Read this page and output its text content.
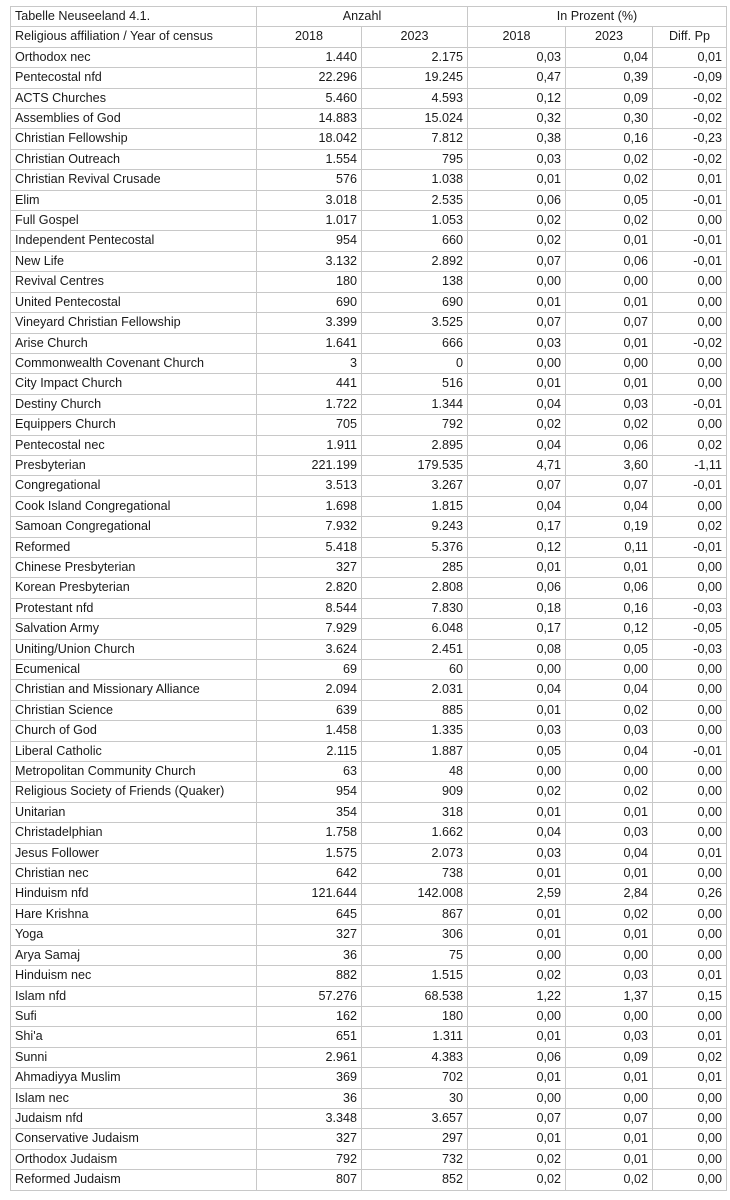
Tabelle Neuseeland 4.1.	Anzahl		In Prozent (%)		
Religious affiliation / Year of census	2018	2023	2018	2023	Diff. Pp
Orthodox nec	1.440	2.175	0,03	0,04	0,01
Pentecostal nfd	22.296	19.245	0,47	0,39	-0,09
ACTS Churches	5.460	4.593	0,12	0,09	-0,02
Assemblies of God	14.883	15.024	0,32	0,30	-0,02
Christian Fellowship	18.042	7.812	0,38	0,16	-0,23
Christian Outreach	1.554	795	0,03	0,02	-0,02
Christian Revival Crusade	576	1.038	0,01	0,02	0,01
Elim	3.018	2.535	0,06	0,05	-0,01
Full Gospel	1.017	1.053	0,02	0,02	0,00
Independent Pentecostal	954	660	0,02	0,01	-0,01
New Life	3.132	2.892	0,07	0,06	-0,01
Revival Centres	180	138	0,00	0,00	0,00
United Pentecostal	690	690	0,01	0,01	0,00
Vineyard Christian Fellowship	3.399	3.525	0,07	0,07	0,00
Arise Church	1.641	666	0,03	0,01	-0,02
Commonwealth Covenant Church	3	0	0,00	0,00	0,00
City Impact Church	441	516	0,01	0,01	0,00
Destiny Church	1.722	1.344	0,04	0,03	-0,01
Equippers Church	705	792	0,02	0,02	0,00
Pentecostal nec	1.911	2.895	0,04	0,06	0,02
Presbyterian	221.199	179.535	4,71	3,60	-1,11
Congregational	3.513	3.267	0,07	0,07	-0,01
Cook Island Congregational	1.698	1.815	0,04	0,04	0,00
Samoan Congregational	7.932	9.243	0,17	0,19	0,02
Reformed	5.418	5.376	0,12	0,11	-0,01
Chinese Presbyterian	327	285	0,01	0,01	0,00
Korean Presbyterian	2.820	2.808	0,06	0,06	0,00
Protestant nfd	8.544	7.830	0,18	0,16	-0,03
Salvation Army	7.929	6.048	0,17	0,12	-0,05
Uniting/Union Church	3.624	2.451	0,08	0,05	-0,03
Ecumenical	69	60	0,00	0,00	0,00
Christian and Missionary Alliance	2.094	2.031	0,04	0,04	0,00
Christian Science	639	885	0,01	0,02	0,00
Church of God	1.458	1.335	0,03	0,03	0,00
Liberal Catholic	2.115	1.887	0,05	0,04	-0,01
Metropolitan Community Church	63	48	0,00	0,00	0,00
Religious Society of Friends (Quaker)	954	909	0,02	0,02	0,00
Unitarian	354	318	0,01	0,01	0,00
Christadelphian	1.758	1.662	0,04	0,03	0,00
Jesus Follower	1.575	2.073	0,03	0,04	0,01
Christian nec	642	738	0,01	0,01	0,00
Hinduism nfd	121.644	142.008	2,59	2,84	0,26
Hare Krishna	645	867	0,01	0,02	0,00
Yoga	327	306	0,01	0,01	0,00
Arya Samaj	36	75	0,00	0,00	0,00
Hinduism nec	882	1.515	0,02	0,03	0,01
Islam nfd	57.276	68.538	1,22	1,37	0,15
Sufi	162	180	0,00	0,00	0,00
Shi'a	651	1.311	0,01	0,03	0,01
Sunni	2.961	4.383	0,06	0,09	0,02
Ahmadiyya Muslim	369	702	0,01	0,01	0,01
Islam nec	36	30	0,00	0,00	0,00
Judaism nfd	3.348	3.657	0,07	0,07	0,00
Conservative Judaism	327	297	0,01	0,01	0,00
Orthodox Judaism	792	732	0,02	0,01	0,00
Reformed Judaism	807	852	0,02	0,02	0,00
